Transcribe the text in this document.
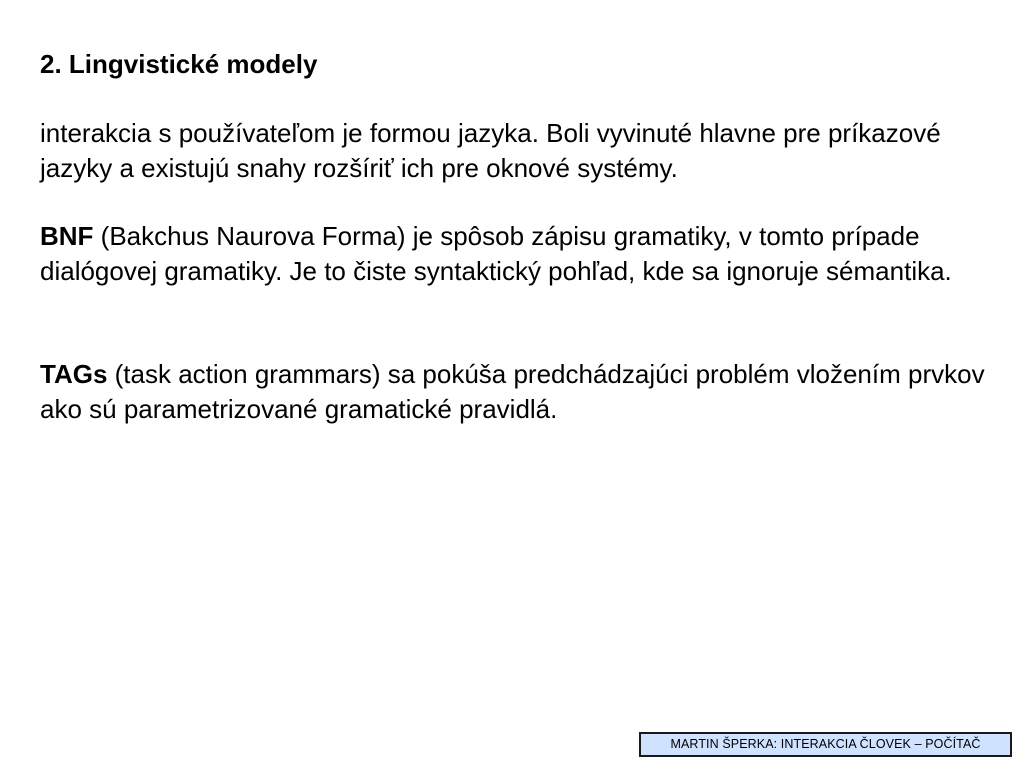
2. Lingvistické modely

interakcia s používateľom je formou jazyka. Boli vyvinuté hlavne pre príkazové jazyky a existujú snahy rozšíriť ich pre oknové systémy.

BNF (Bakchus Naurova Forma) je spôsob zápisu gramatiky, v tomto prípade dialógovej gramatiky. Je to čiste syntaktický pohľad, kde sa ignoruje sémantika.

TAGs (task action grammars) sa pokúša predchádzajúci problém vložením prvkov ako sú parametrizované gramatické pravidlá.

MARTIN ŠPERKA: INTERAKCIA ČLOVEK – POČÍTAČ
